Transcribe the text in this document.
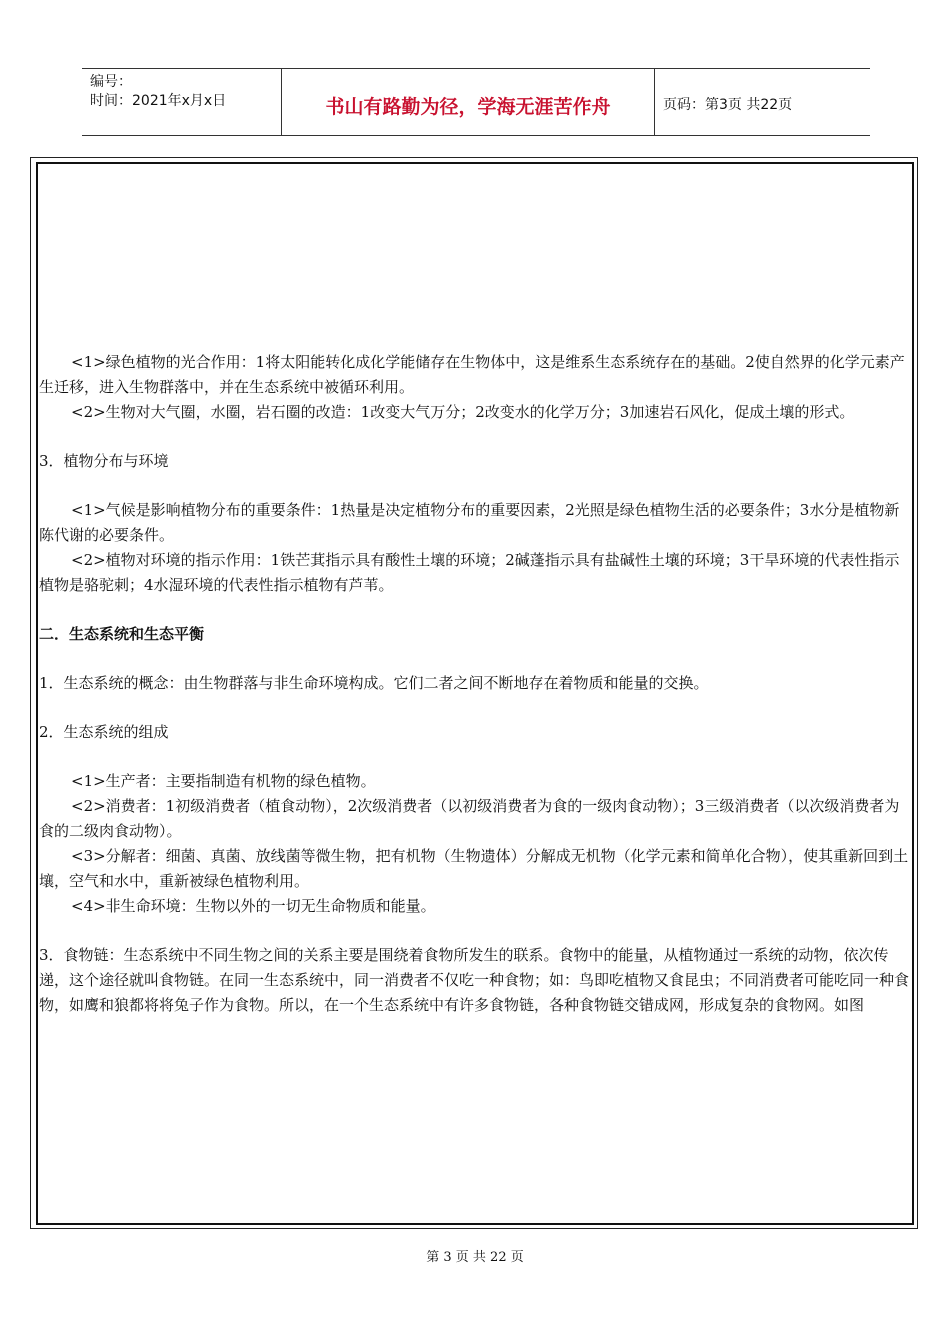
编号：
时间：2021年x月x日	书山有路勤为径，学海无涯苦作舟	页码：第3页 共22页

<1>绿色植物的光合作用：1将太阳能转化成化学能储存在生物体中，这是维系生态系统存在的基础。2使自然界的化学元素产生迁移，进入生物群落中，并在生态系统中被循环利用。

<2>生物对大气圈，水圈，岩石圈的改造：1改变大气万分；2改变水的化学万分；3加速岩石风化，促成土壤的形式。

3．植物分布与环境

<1>气候是影响植物分布的重要条件：1热量是决定植物分布的重要因素，2光照是绿色植物生活的必要条件；3水分是植物新陈代谢的必要条件。

<2>植物对环境的指示作用：1铁芒萁指示具有酸性土壤的环境；2碱蓬指示具有盐碱性土壤的环境；3干旱环境的代表性指示植物是骆驼刺；4水湿环境的代表性指示植物有芦苇。

二．生态系统和生态平衡

1．生态系统的概念：由生物群落与非生命环境构成。它们二者之间不断地存在着物质和能量的交换。

2．生态系统的组成

<1>生产者：主要指制造有机物的绿色植物。

<2>消费者：1初级消费者（植食动物），2次级消费者（以初级消费者为食的一级肉食动物）；3三级消费者（以次级消费者为食的二级肉食动物）。

<3>分解者：细菌、真菌、放线菌等微生物，把有机物（生物遗体）分解成无机物（化学元素和简单化合物），使其重新回到土壤，空气和水中，重新被绿色植物利用。

<4>非生命环境：生物以外的一切无生命物质和能量。

3．食物链：生态系统中不同生物之间的关系主要是围绕着食物所发生的联系。食物中的能量，从植物通过一系统的动物，依次传递，这个途径就叫食物链。在同一生态系统中，同一消费者不仅吃一种食物；如：鸟即吃植物又食昆虫；不同消费者可能吃同一种食物，如鹰和狼都将将兔子作为食物。所以，在一个生态系统中有许多食物链，各种食物链交错成网，形成复杂的食物网。如图

第 3 页 共 22 页
